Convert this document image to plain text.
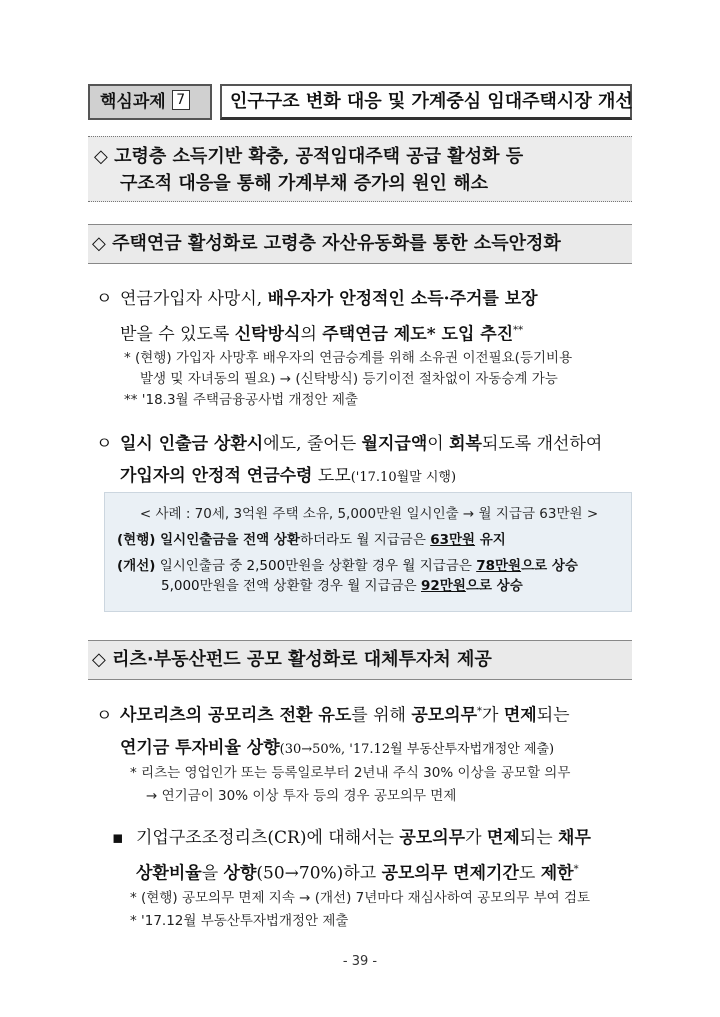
핵심과제 7	인구구조 변화 대응 및 가계중심 임대주택시장 개선
◇ 고령층 소득기반 확충, 공적임대주택 공급 활성화 등
구조적 대응을 통해 가계부채 증가의 원인 해소
◇ 주택연금 활성화로 고령층 자산유동화를 통한 소득안정화
ㅇ 연금가입자 사망시, 배우자가 안정적인 소득·주거를 보장
받을 수 있도록 신탁방식의 주택연금 제도* 도입 추진**
* (현행) 가입자 사망후 배우자의 연금승계를 위해 소유권 이전필요(등기비용
발생 및 자녀동의 필요) → (신탁방식) 등기이전 절차없이 자동승계 가능
** '18.3월 주택금융공사법 개정안 제출
ㅇ 일시 인출금 상환시에도, 줄어든 월지급액이 회복되도록 개선하여
가입자의 안정적 연금수령 도모('17.10월말 시행)
< 사례 : 70세, 3억원 주택 소유, 5,000만원 일시인출 → 월 지급금 63만원 >
(현행) 일시인출금을 전액 상환하더라도 월 지급금은 63만원 유지
(개선) 일시인출금 중 2,500만원을 상환할 경우 월 지급금은 78만원으로 상승
5,000만원을 전액 상환할 경우 월 지급금은 92만원으로 상승
◇ 리츠·부동산펀드 공모 활성화로 대체투자처 제공
ㅇ 사모리츠의 공모리츠 전환 유도를 위해 공모의무*가 면제되는
연기금 투자비율 상향(30→50%, '17.12월 부동산투자법개정안 제출)
* 리츠는 영업인가 또는 등록일로부터 2년내 주식 30% 이상을 공모할 의무
→ 연기금이 30% 이상 투자 등의 경우 공모의무 면제
▪ 기업구조조정리츠(CR)에 대해서는 공모의무가 면제되는 채무
상환비율을 상향(50→70%)하고 공모의무 면제기간도 제한*
* (현행) 공모의무 면제 지속 → (개선) 7년마다 재심사하여 공모의무 부여 검토
* '17.12월 부동산투자법개정안 제출
- 39 -
